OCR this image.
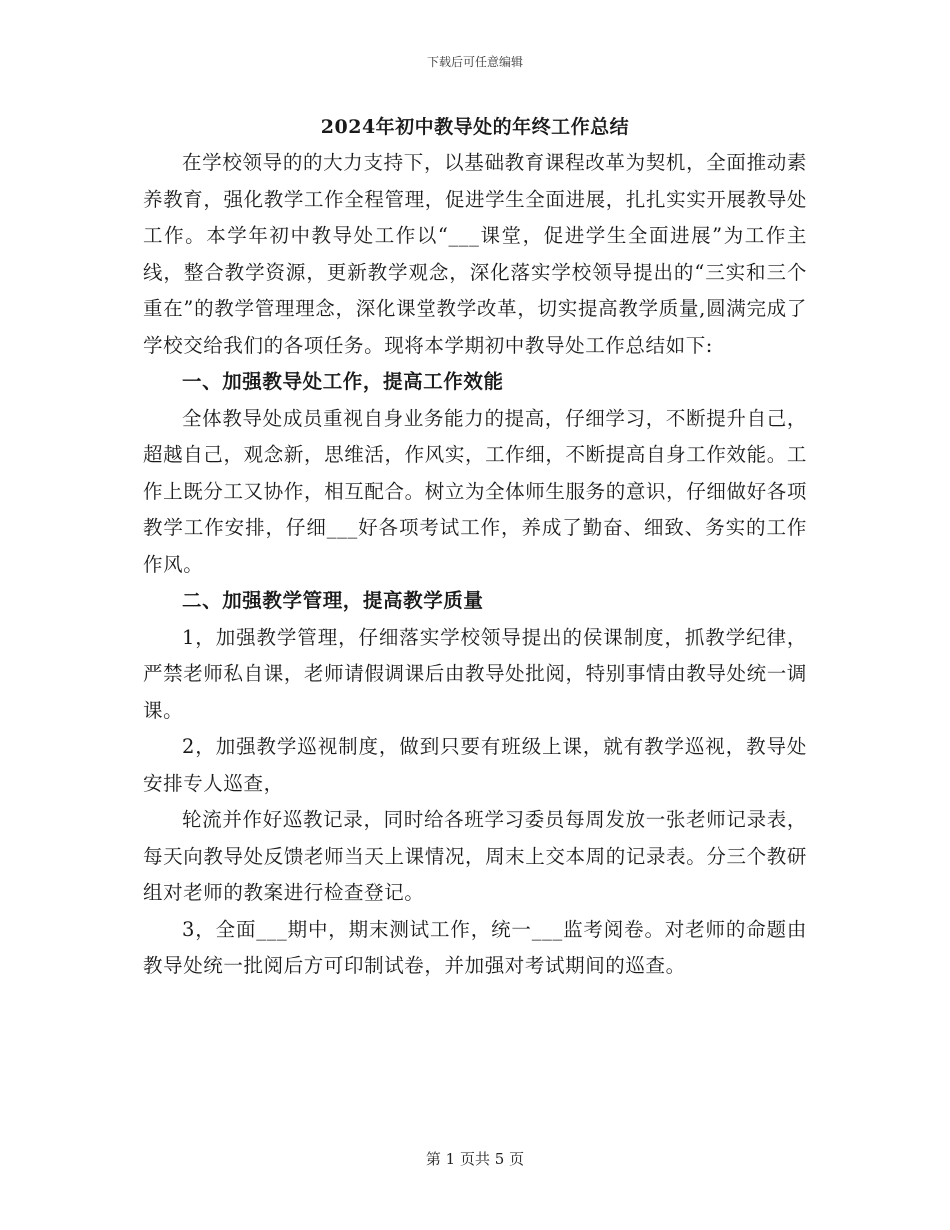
下载后可任意编辑
2024年初中教导处的年终工作总结

在学校领导的的大力支持下，以基础教育课程改革为契机，全面推动素养教育，强化教学工作全程管理，促进学生全面进展，扎扎实实开展教导处工作。本学年初中教导处工作以“___课堂，促进学生全面进展”为工作主线，整合教学资源，更新教学观念，深化落实学校领导提出的“三实和三个重在”的教学管理理念，深化课堂教学改革，切实提高教学质量,圆满完成了学校交给我们的各项任务。现将本学期初中教导处工作总结如下:

一、加强教导处工作，提高工作效能

全体教导处成员重视自身业务能力的提高，仔细学习，不断提升自己，超越自己，观念新，思维活，作风实，工作细，不断提高自身工作效能。工作上既分工又协作，相互配合。树立为全体师生服务的意识，仔细做好各项教学工作安排，仔细___好各项考试工作，养成了勤奋、细致、务实的工作作风。

二、加强教学管理，提高教学质量

1，加强教学管理，仔细落实学校领导提出的侯课制度，抓教学纪律，严禁老师私自课，老师请假调课后由教导处批阅，特别事情由教导处统一调课。

2，加强教学巡视制度，做到只要有班级上课，就有教学巡视，教导处安排专人巡查，

轮流并作好巡教记录，同时给各班学习委员每周发放一张老师记录表，每天向教导处反馈老师当天上课情况，周末上交本周的记录表。分三个教研组对老师的教案进行检查登记。

3，全面___期中，期末测试工作，统一___监考阅卷。对老师的命题由教导处统一批阅后方可印制试卷，并加强对考试期间的巡查。

第 1 页共 5 页
